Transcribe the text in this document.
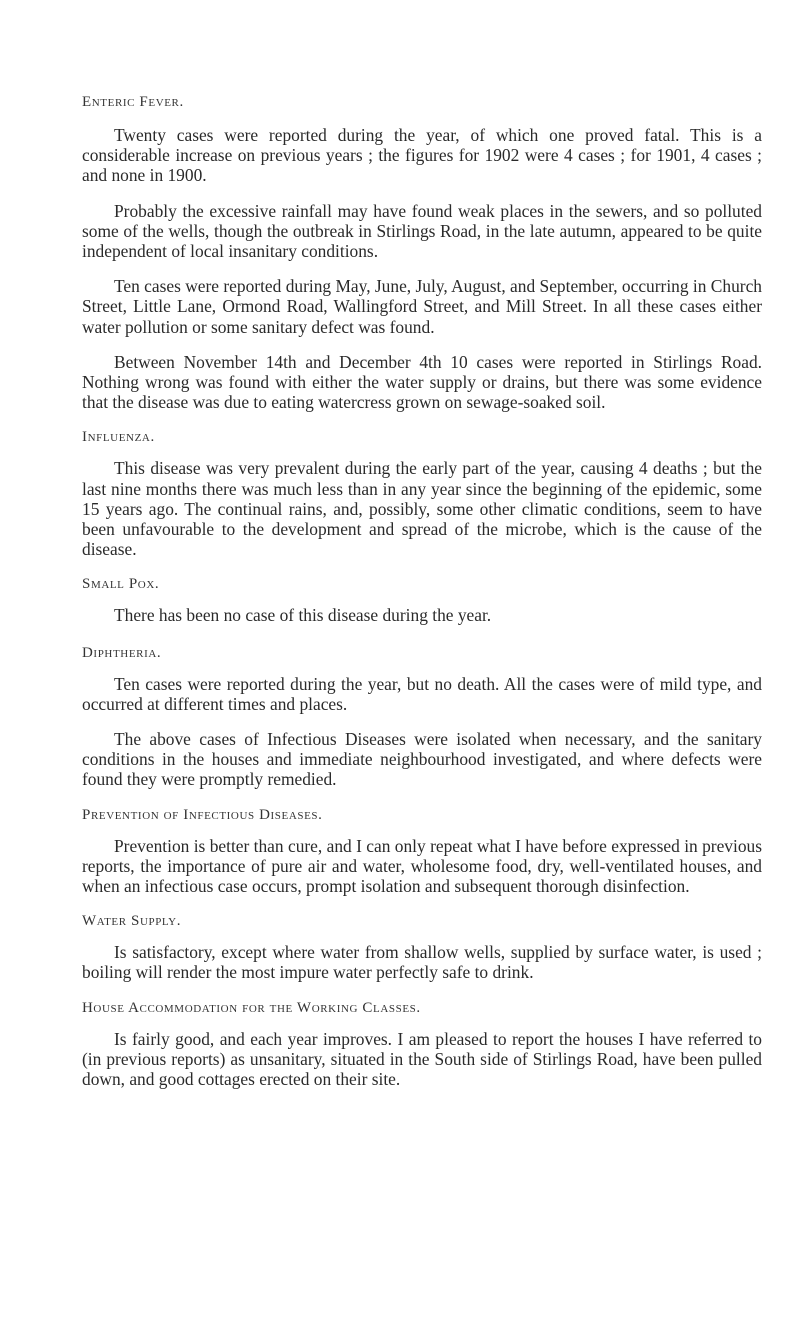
Enteric Fever.

Twenty cases were reported during the year, of which one proved fatal. This is a considerable increase on previous years ; the figures for 1902 were 4 cases ; for 1901, 4 cases ; and none in 1900.

Probably the excessive rainfall may have found weak places in the sewers, and so polluted some of the wells, though the outbreak in Stirlings Road, in the late autumn, appeared to be quite independent of local insanitary conditions.

Ten cases were reported during May, June, July, August, and September, occurring in Church Street, Little Lane, Ormond Road, Wallingford Street, and Mill Street. In all these cases either water pollution or some sanitary defect was found.

Between November 14th and December 4th 10 cases were reported in Stirlings Road. Nothing wrong was found with either the water supply or drains, but there was some evidence that the disease was due to eating watercress grown on sewage-soaked soil.

Influenza.

This disease was very prevalent during the early part of the year, causing 4 deaths ; but the last nine months there was much less than in any year since the beginning of the epidemic, some 15 years ago. The continual rains, and, possibly, some other climatic conditions, seem to have been unfavourable to the development and spread of the microbe, which is the cause of the disease.

Small Pox.

There has been no case of this disease during the year.

Diphtheria.

Ten cases were reported during the year, but no death. All the cases were of mild type, and occurred at different times and places.

The above cases of Infectious Diseases were isolated when necessary, and the sanitary conditions in the houses and immediate neighbourhood investigated, and where defects were found they were promptly remedied.

Prevention of Infectious Diseases.

Prevention is better than cure, and I can only repeat what I have before expressed in previous reports, the importance of pure air and water, wholesome food, dry, well-ventilated houses, and when an infectious case occurs, prompt isolation and subsequent thorough disinfection.

Water Supply.

Is satisfactory, except where water from shallow wells, supplied by surface water, is used ; boiling will render the most impure water perfectly safe to drink.

House Accommodation for the Working Classes.

Is fairly good, and each year improves. I am pleased to report the houses I have referred to (in previous reports) as unsanitary, situated in the South side of Stirlings Road, have been pulled down, and good cottages erected on their site.
